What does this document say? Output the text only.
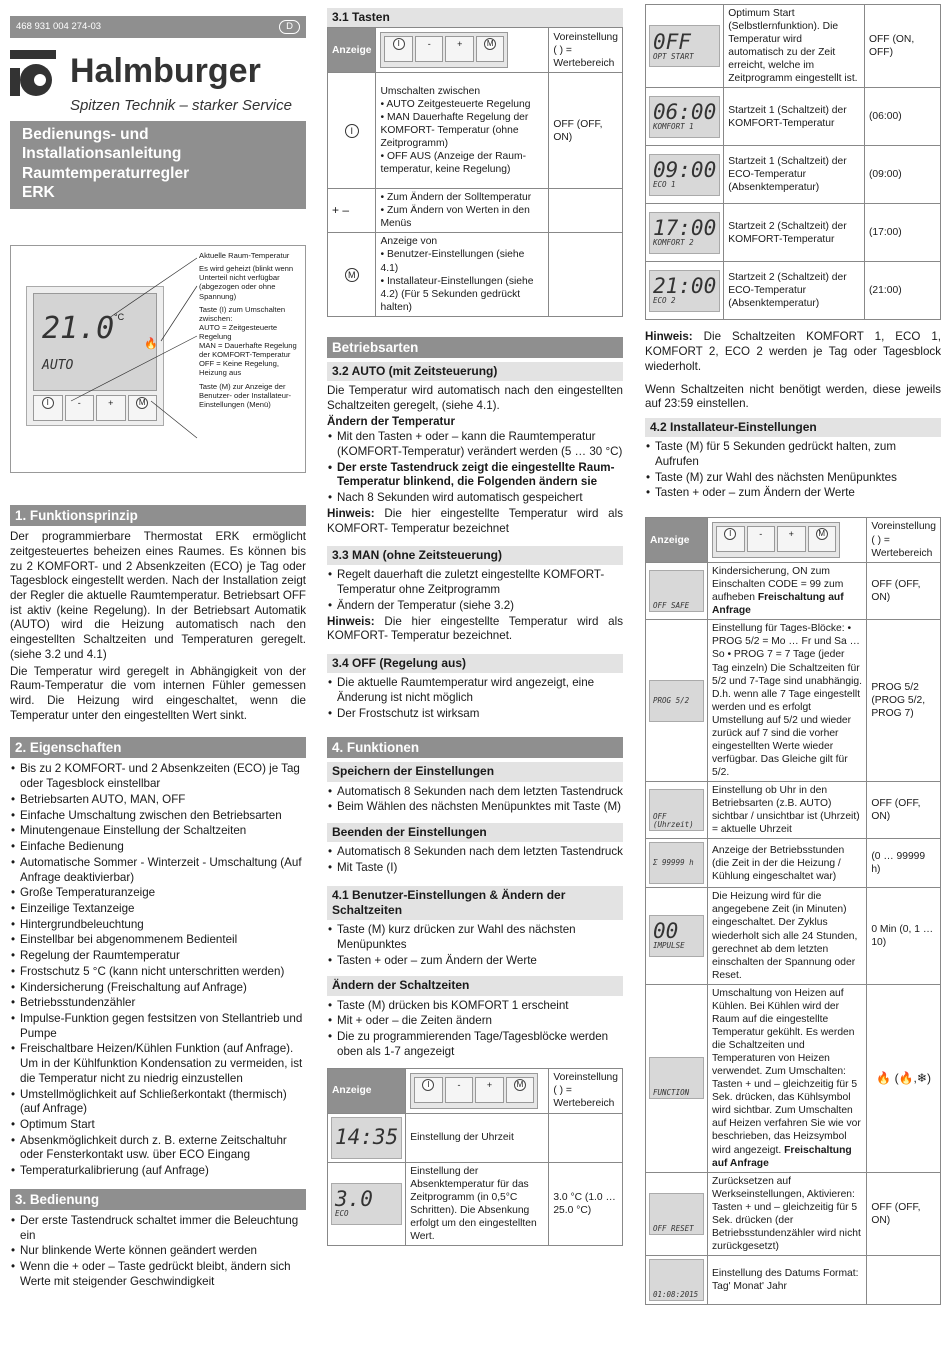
468 931 004 274-03	D
Halmburger
Spitzen Technik – starker Service
Bedienungs- und
Installationsanleitung
Raumtemperaturregler
ERK
21.0 °C
AUTO
🔥
I	-	+	M
Aktuelle Raum-Temperatur
Es wird geheizt (blinkt wenn Unterteil nicht verfügbar (abgezogen oder ohne Spannung)
Taste (I) zum Umschalten zwischen:
AUTO = Zeitgesteuerte Regelung
MAN = Dauerhafte Regelung der KOMFORT-Temperatur
OFF = Keine Regelung, Heizung aus
Taste (M) zur Anzeige der Benutzer- oder Installateur-Einstellungen (Menü)
1. Funktionsprinzip
Der programmierbare Thermostat ERK ermöglicht zeitgesteuertes beheizen eines Raumes. Es können bis zu 2 KOMFORT- und 2 Absenkzeiten (ECO) je Tag oder Tagesblock eingestellt werden. Nach der Installation zeigt der Regler die aktuelle Raumtemperatur. Betriebsart OFF ist aktiv (keine Regelung). In der Betriebsart Automatik (AUTO) wird die Heizung automatisch nach den eingestellten Schaltzeiten und Temperaturen geregelt. (siehe 3.2 und 4.1)
Die Temperatur wird geregelt in Abhängigkeit von der Raum-Temperatur die vom internen Fühler gemessen wird. Die Heizung wird eingeschaltet, wenn die Temperatur unter den eingestellten Wert sinkt.
2. Eigenschaften
• Bis zu 2 KOMFORT- und 2 Absenkzeiten (ECO) je Tag oder Tagesblock einstellbar
• Betriebsarten AUTO, MAN, OFF
• Einfache Umschaltung zwischen den Betriebsarten
• Minutengenaue Einstellung der Schaltzeiten
• Einfache Bedienung
• Automatische Sommer - Winterzeit - Umschaltung (Auf Anfrage deaktivierbar)
• Große Temperaturanzeige
• Einzeilige Textanzeige
• Hintergrundbeleuchtung
• Einstellbar bei abgenommenem Bedienteil
• Regelung der Raumtemperatur
• Frostschutz 5 °C (kann nicht unterschritten werden)
• Kindersicherung (Freischaltung auf Anfrage)
• Betriebsstundenzähler
• Impulse-Funktion gegen festsitzen von Stellantrieb und Pumpe
• Freischaltbare Heizen/Kühlen Funktion (auf Anfrage). Um in der Kühlfunktion Kondensation zu vermeiden, ist die Temperatur nicht zu niedrig einzustellen
• Umstellmöglichkeit auf Schließerkontakt (thermisch) (auf Anfrage)
• Optimum Start
• Absenkmöglichkeit durch z. B. externe Zeitschaltuhr oder Fensterkontakt usw. über ECO Eingang
• Temperaturkalibrierung (auf Anfrage)
3. Bedienung
• Der erste Tastendruck schaltet immer die Beleuchtung ein
• Nur blinkende Werte können geändert werden
• Wenn die + oder – Taste gedrückt bleibt, ändern sich Werte mit steigender Geschwindigkeit
3.1 Tasten
Anzeige	I - + M	Voreinstellung ( ) = Wertebereich
I	Umschalten zwischen
• AUTO Zeitgesteuerte Regelung
• MAN Dauerhafte Regelung der KOMFORT- Temperatur (ohne Zeitprogramm)
• OFF AUS (Anzeige der Raumtemperatur, keine Regelung)	OFF (OFF, ON)
+ –	• Zum Ändern der Solltemperatur
• Zum Ändern von Werten in den Menüs	

M	Anzeige von
• Benutzer-Einstellungen (siehe 4.1)
• Installateur-Einstellungen (siehe 4.2) (Für 5 Sekunden gedrückt halten)	

Betriebsarten
3.2 AUTO (mit Zeitsteuerung)
Die Temperatur wird automatisch nach den eingestellten Schaltzeiten geregelt, (siehe 4.1).
Ändern der Temperatur
• Mit den Tasten + oder – kann die Raumtemperatur (KOMFORT-Temperatur) verändert werden (5 … 30 °C)
• Der erste Tastendruck zeigt die eingestellte Raum-Temperatur blinkend, die Folgenden ändern sie
• Nach 8 Sekunden wird automatisch gespeichert
Hinweis: Die hier eingestellte Temperatur wird als KOMFORT- Temperatur bezeichnet
3.3 MAN (ohne Zeitsteuerung)
• Regelt dauerhaft die zuletzt eingestellte KOMFORT-Temperatur ohne Zeitprogramm
• Ändern der Temperatur (siehe 3.2)
Hinweis: Die hier eingestellte Temperatur wird als KOMFORT- Temperatur bezeichnet.
3.4 OFF (Regelung aus)
• Die aktuelle Raumtemperatur wird angezeigt, eine Änderung ist nicht möglich
• Der Frostschutz ist wirksam
4. Funktionen
Speichern der Einstellungen
• Automatisch 8 Sekunden nach dem letzten Tastendruck
• Beim Wählen des nächsten Menüpunktes mit Taste (M)
Beenden der Einstellungen
• Automatisch 8 Sekunden nach dem letzten Tastendruck
• Mit Taste (I)
4.1 Benutzer-Einstellungen & Ändern der Schaltzeiten
• Taste (M) kurz drücken zur Wahl des nächsten Menüpunktes
• Tasten + oder – zum Ändern der Werte
Ändern der Schaltzeiten
• Taste (M) drücken bis KOMFORT 1 erscheint
• Mit + oder – die Zeiten ändern
• Die zu programmierenden Tage/Tagesblöcke werden oben als 1-7 angezeigt
Anzeige	I - + M	Voreinstellung ( ) = Wertebereich

14:35	Einstellung der Uhrzeit	

3.0
ECO	Einstellung der Absenktemperatur für das Zeitprogramm (in 0,5°C Schritten). Die Absenkung erfolgt um den eingestellten Wert.	3.0 °C (1.0 … 25.0 °C)
0FF
OPT START	Optimum Start (Selbstlernfunktion). Die Temperatur wird automatisch zu der Zeit erreicht, welche im Zeitprogramm eingestellt ist.	OFF (ON, OFF)

06:00
KOMFORT 1	Startzeit 1 (Schaltzeit) der KOMFORT-Temperatur	(06:00)

09:00
ECO 1	Startzeit 1 (Schaltzeit) der ECO-Temperatur (Absenktemperatur)	(09:00)

17:00
KOMFORT 2	Startzeit 2 (Schaltzeit) der KOMFORT-Temperatur	(17:00)

21:00
ECO 2	Startzeit 2 (Schaltzeit) der ECO-Temperatur (Absenktemperatur)	(21:00)
Hinweis: Die Schaltzeiten KOMFORT 1, ECO 1, KOMFORT 2, ECO 2 werden je Tag oder Tagesblock wiederholt.
Wenn Schaltzeiten nicht benötigt werden, diese jeweils auf 23:59 einstellen.
4.2 Installateur-Einstellungen
• Taste (M) für 5 Sekunden gedrückt halten, zum Aufrufen
• Taste (M) zur Wahl des nächsten Menüpunktes
• Tasten + oder – zum Ändern der Werte
Anzeige	I - + M	Voreinstellung ( ) = Wertebereich

OFF SAFE	Kindersicherung, ON zum Einschalten CODE = 99 zum aufheben Freischaltung auf Anfrage	OFF (OFF, ON)

PROG 5/2	Einstellung für Tages-Blöcke: • PROG 5/2 = Mo … Fr und Sa … So • PROG 7 = 7 Tage (jeder Tag einzeln) Die Schaltzeiten für 5/2 und 7-Tage sind unabhängig. D.h. wenn alle 7 Tage eingestellt werden und es erfolgt Umstellung auf 5/2 und wieder zurück auf 7 sind die vorher eingestellten Werte wieder verfügbar. Das Gleiche gilt für 5/2.	PROG 5/2 (PROG 5/2, PROG 7)

OFF (Uhrzeit)	Einstellung ob Uhr in den Betriebsarten (z.B. AUTO) sichtbar / unsichtbar ist (Uhrzeit) = aktuelle Uhrzeit	OFF (OFF, ON)

Σ 99999 h	Anzeige der Betriebsstunden (die Zeit in der die Heizung / Kühlung eingeschaltet war)	(0 … 99999 h)

00
IMPULSE	Die Heizung wird für die angegebene Zeit (in Minuten) eingeschaltet. Der Zyklus wiederholt sich alle 24 Stunden, gerechnet ab dem letzten einschalten der Spannung oder Reset.	0 Min (0, 1 … 10)

FUNCTION	Umschaltung von Heizen auf Kühlen. Bei Kühlen wird der Raum auf die eingestellte Temperatur gekühlt. Es werden die Schaltzeiten und Temperaturen von Heizen verwendet. Zum Umschalten: Tasten + und – gleichzeitig für 5 Sek. drücken, das Kühlsymbol wird sichtbar. Zum Umschalten auf Heizen verfahren Sie wie vor beschrieben, das Heizsymbol wird angezeigt. Freischaltung auf Anfrage	🔥 (🔥,❄)

OFF RESET	Zurücksetzen auf Werkseinstellungen, Aktivieren: Tasten + und – gleichzeitig für 5 Sek. drücken (der Betriebsstundenzähler wird nicht zurückgesetzt)	OFF (OFF, ON)

01:08:2015	Einstellung des Datums Format: Tag' Monat' Jahr	
